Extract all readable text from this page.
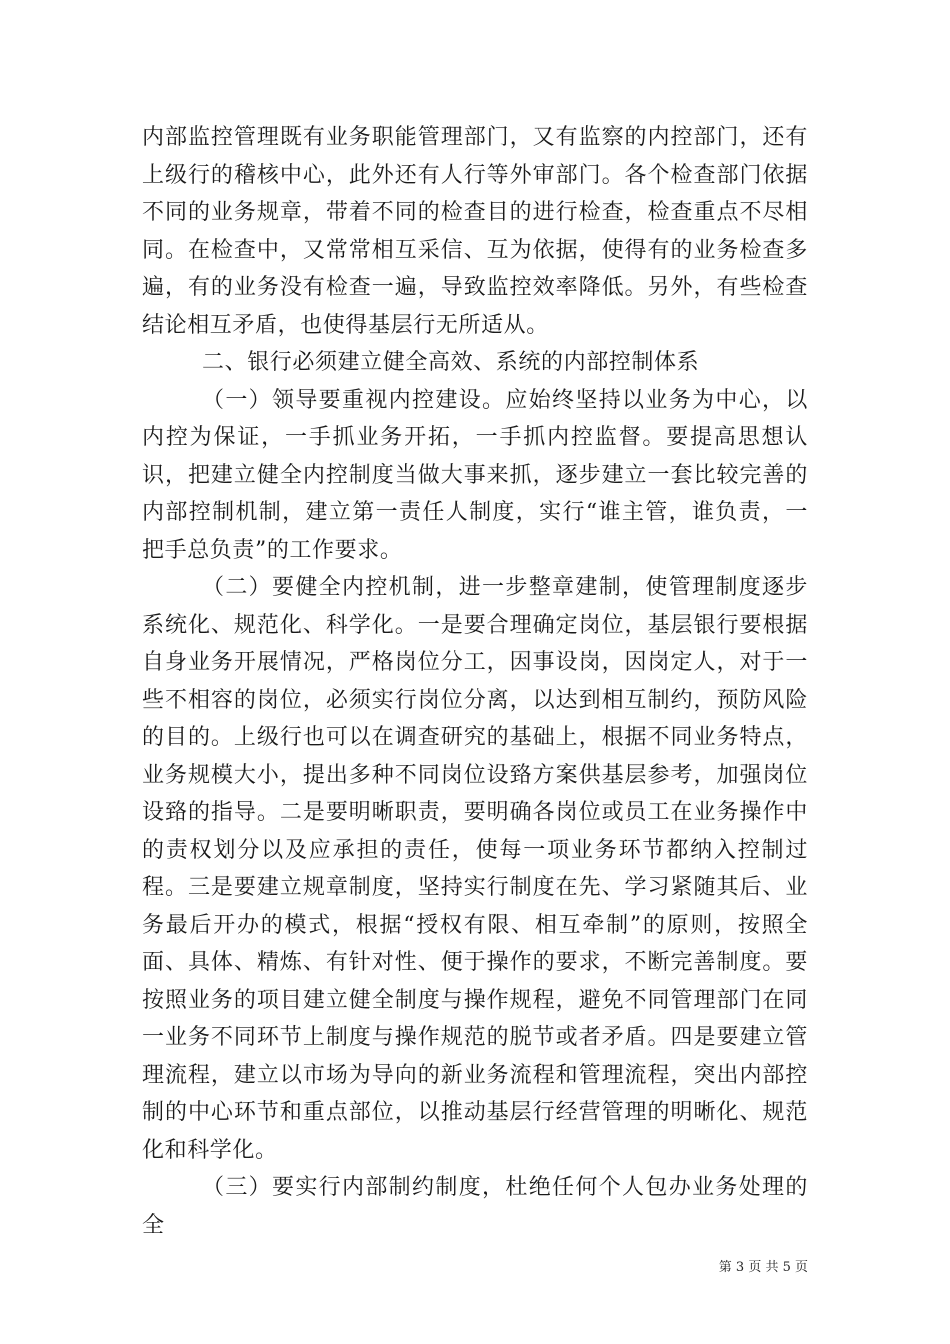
内部监控管理既有业务职能管理部门，又有监察的内控部门，还有上级行的稽核中心，此外还有人行等外审部门。各个检查部门依据不同的业务规章，带着不同的检查目的进行检查，检查重点不尽相同。在检查中，又常常相互采信、互为依据，使得有的业务检查多遍，有的业务没有检查一遍，导致监控效率降低。另外，有些检查结论相互矛盾，也使得基层行无所适从。

二、银行必须建立健全高效、系统的内部控制体系

（一）领导要重视内控建设。应始终坚持以业务为中心，以内控为保证，一手抓业务开拓，一手抓内控监督。要提高思想认识，把建立健全内控制度当做大事来抓，逐步建立一套比较完善的内部控制机制，建立第一责任人制度，实行“谁主管，谁负责，一把手总负责”的工作要求。

（二）要健全内控机制，进一步整章建制，使管理制度逐步系统化、规范化、科学化。一是要合理确定岗位，基层银行要根据自身业务开展情况，严格岗位分工，因事设岗，因岗定人，对于一些不相容的岗位，必须实行岗位分离，以达到相互制约，预防风险的目的。上级行也可以在调查研究的基础上，根据不同业务特点，业务规模大小，提出多种不同岗位设臵方案供基层参考，加强岗位设臵的指导。二是要明晰职责，要明确各岗位或员工在业务操作中的责权划分以及应承担的责任，使每一项业务环节都纳入控制过程。三是要建立规章制度，坚持实行制度在先、学习紧随其后、业务最后开办的模式，根据“授权有限、相互牵制”的原则，按照全面、具体、精炼、有针对性、便于操作的要求，不断完善制度。要按照业务的项目建立健全制度与操作规程，避免不同管理部门在同一业务不同环节上制度与操作规范的脱节或者矛盾。四是要建立管理流程，建立以市场为导向的新业务流程和管理流程，突出内部控制的中心环节和重点部位，以推动基层行经营管理的明晰化、规范化和科学化。

（三）要实行内部制约制度，杜绝任何个人包办业务处理的全

第 3 页 共 5 页
